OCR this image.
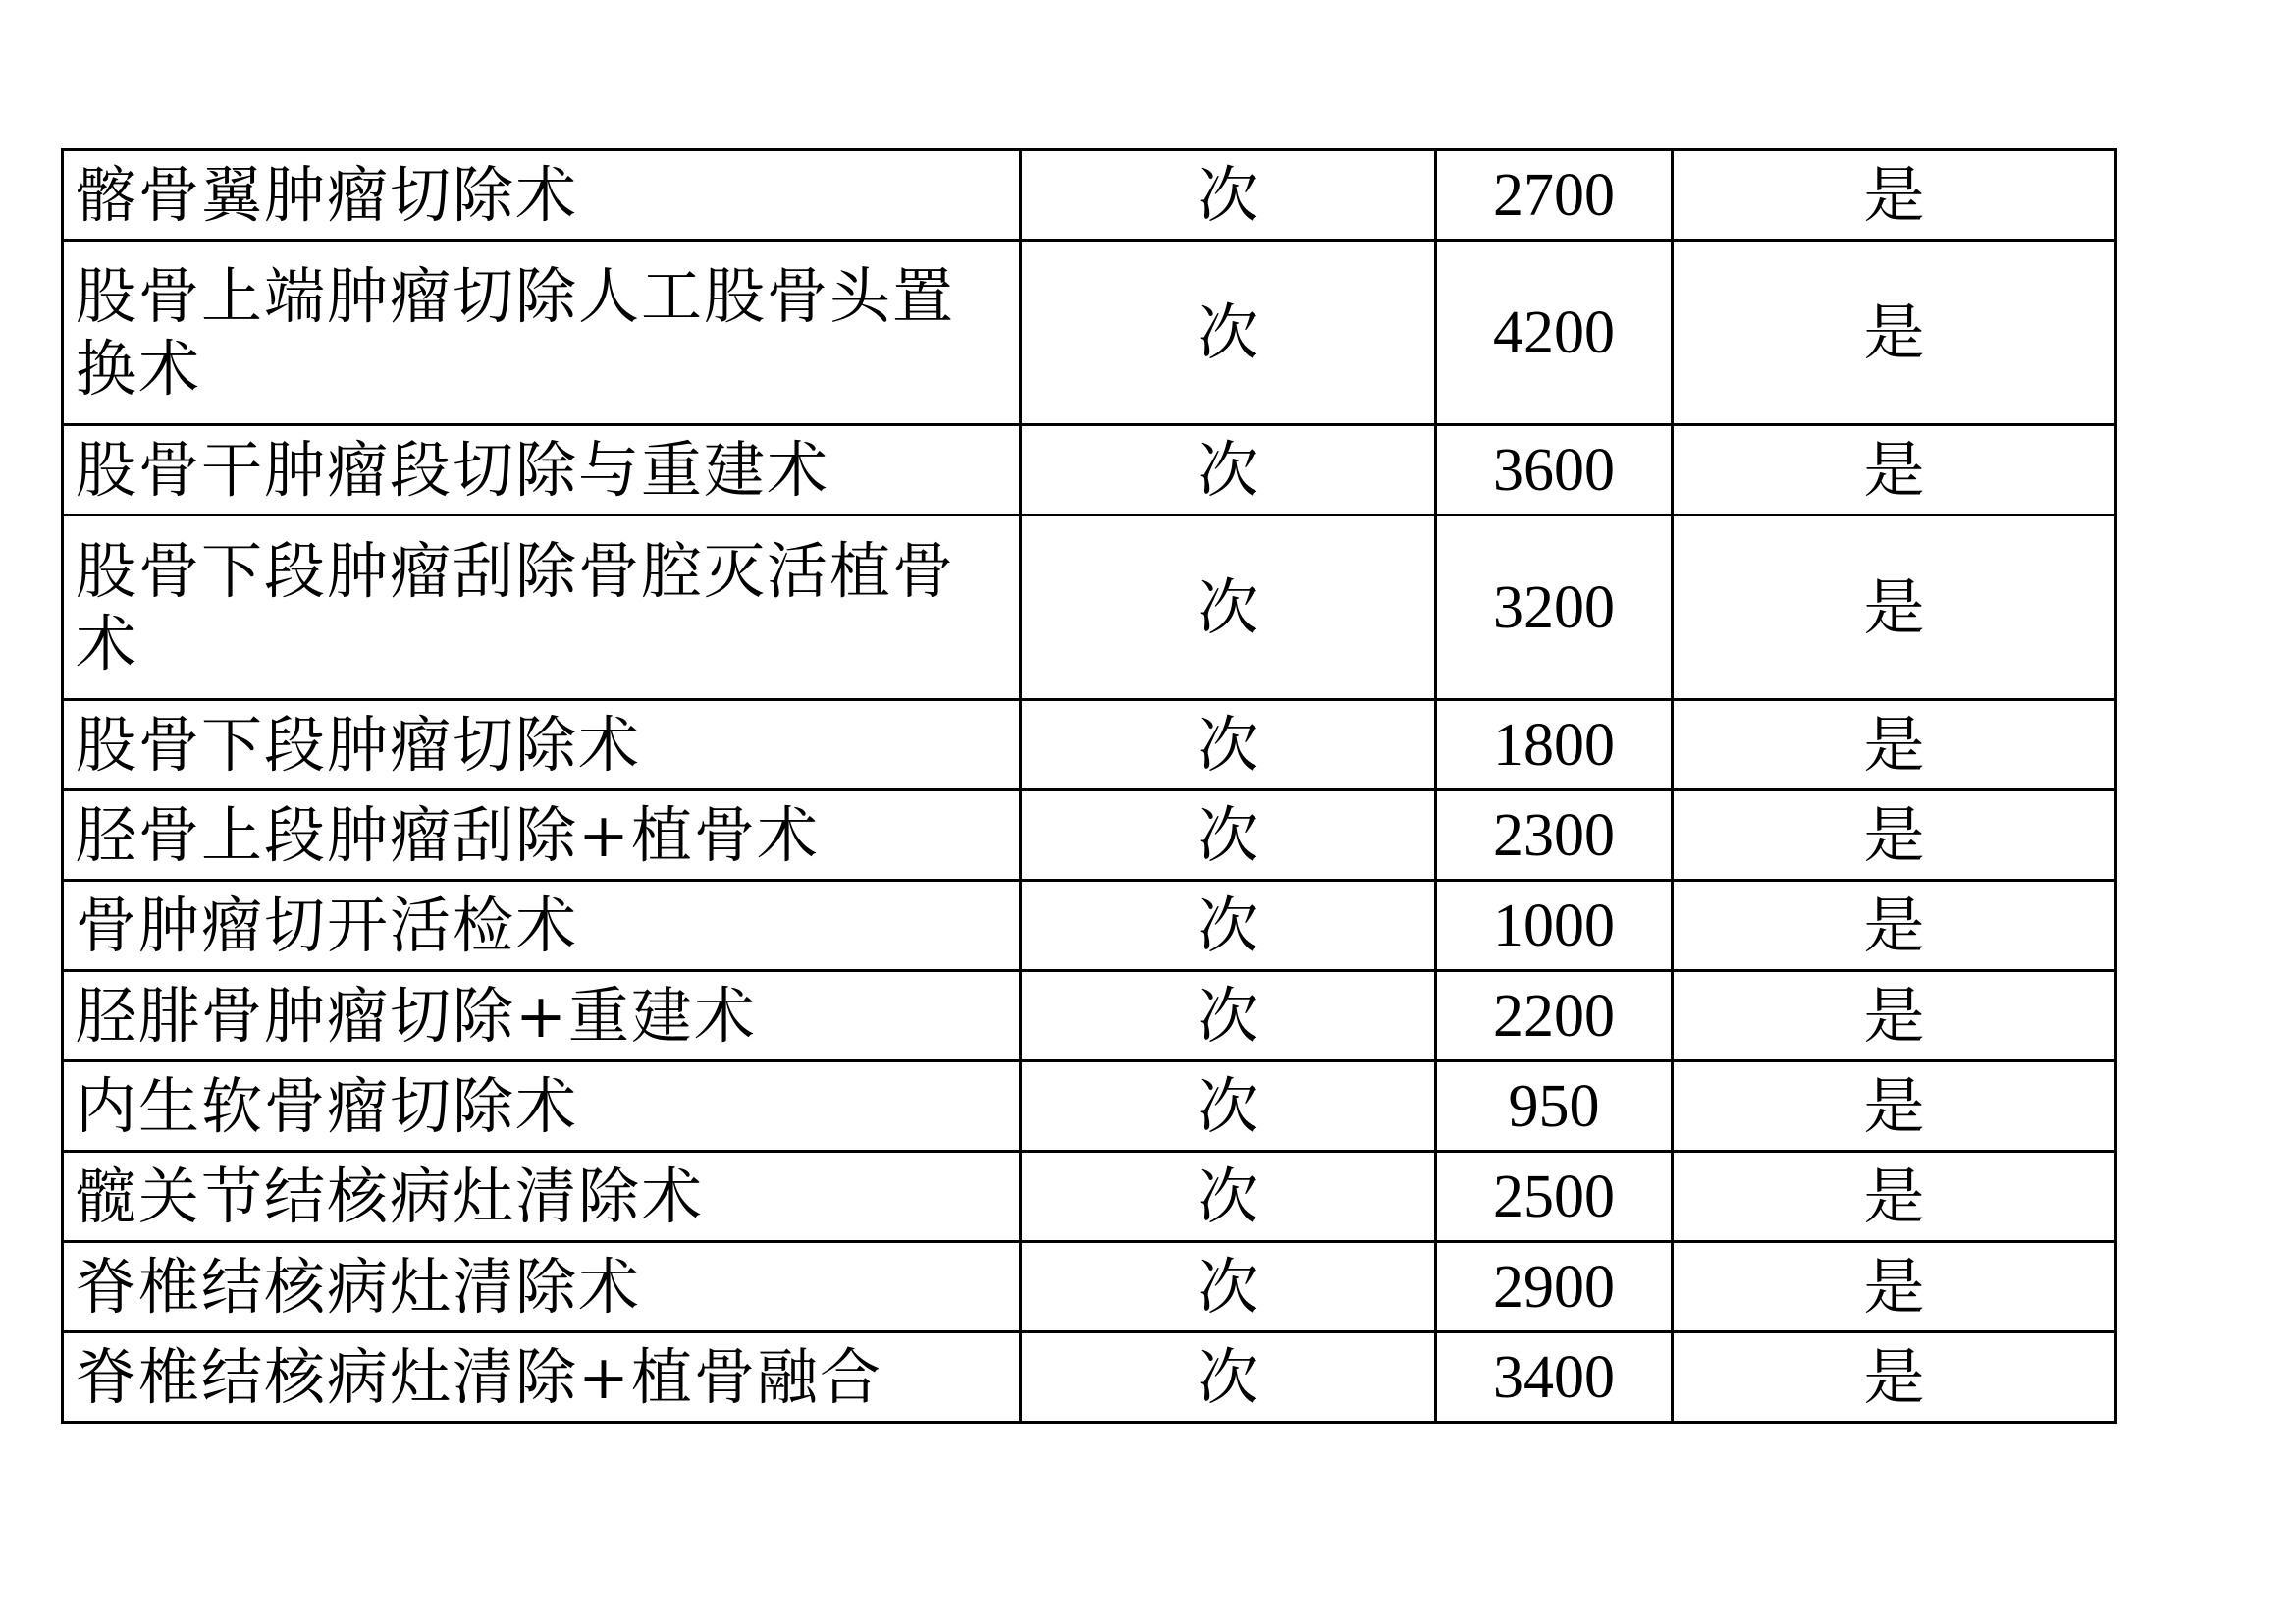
髂骨翼肿瘤切除术	次	2700	是
股骨上端肿瘤切除人工股骨头置换术	次	4200	是
股骨干肿瘤段切除与重建术	次	3600	是
股骨下段肿瘤刮除骨腔灭活植骨术	次	3200	是
股骨下段肿瘤切除术	次	1800	是
胫骨上段肿瘤刮除+植骨术	次	2300	是
骨肿瘤切开活检术	次	1000	是
胫腓骨肿瘤切除+重建术	次	2200	是
内生软骨瘤切除术	次	950	是
髋关节结核病灶清除术	次	2500	是
脊椎结核病灶清除术	次	2900	是
脊椎结核病灶清除+植骨融合	次	3400	是
